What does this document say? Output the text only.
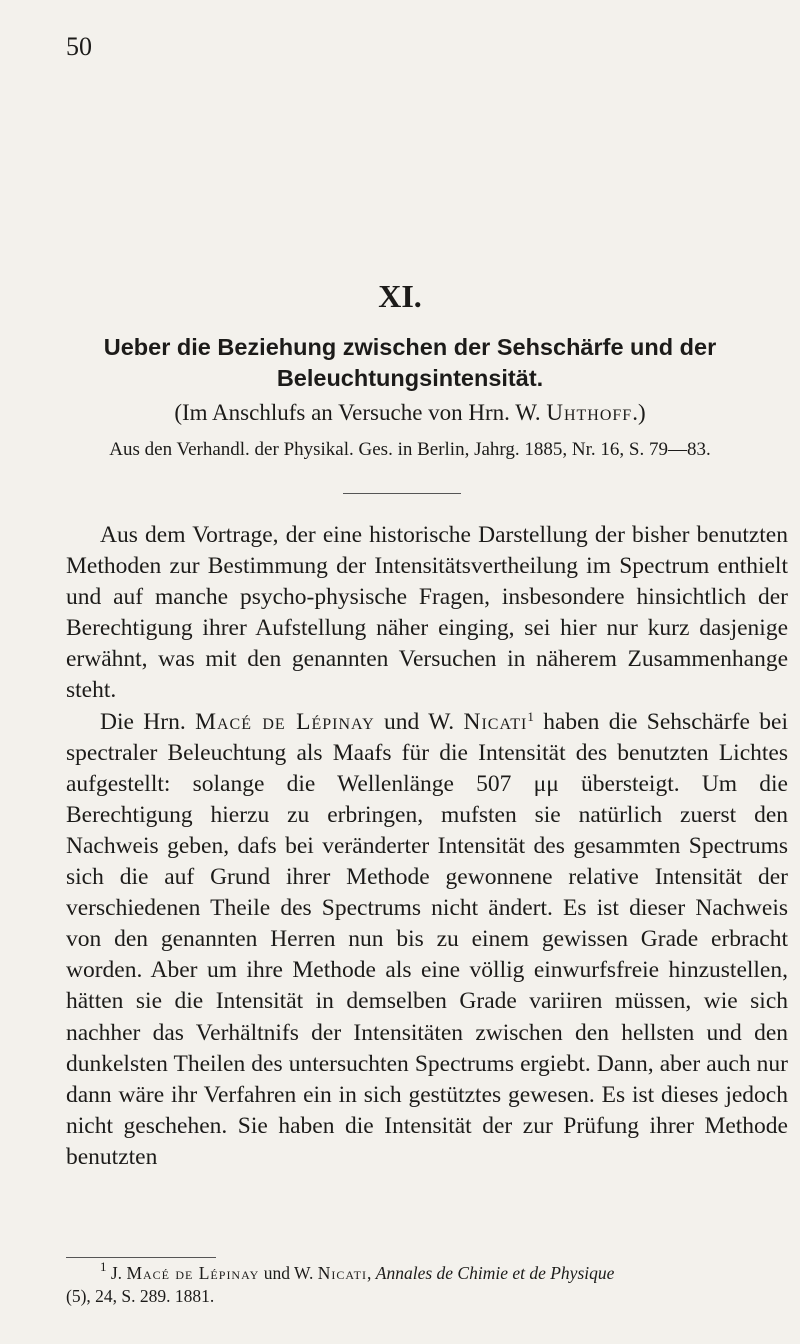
50
XI.
Ueber die Beziehung zwischen der Sehschärfe und der Beleuchtungsintensität.
(Im Anschlufs an Versuche von Hrn. W. Uhthoff.)
Aus den Verhandl. der Physikal. Ges. in Berlin, Jahrg. 1885, Nr. 16, S. 79—83.

Aus dem Vortrage, der eine historische Darstellung der bisher benutzten Methoden zur Bestimmung der Intensitätsvertheilung im Spectrum enthielt und auf manche psycho-physische Fragen, insbesondere hinsichtlich der Berechtigung ihrer Aufstellung näher einging, sei hier nur kurz dasjenige erwähnt, was mit den genannten Versuchen in näherem Zusammenhange steht.

Die Hrn. Macé de Lépinay und W. Nicati$^1$ haben die Sehschärfe bei spectraler Beleuchtung als Maafs für die Intensität des benutzten Lichtes aufgestellt: solange die Wellenlänge 507 μμ übersteigt. Um die Berechtigung hierzu zu erbringen, mufsten sie natürlich zuerst den Nachweis geben, dafs bei veränderter Intensität des gesammten Spectrums sich die auf Grund ihrer Methode gewonnene relative Intensität der verschiedenen Theile des Spectrums nicht ändert. Es ist dieser Nachweis von den genannten Herren nun bis zu einem gewissen Grade erbracht worden. Aber um ihre Methode als eine völlig einwurfsfreie hinzustellen, hätten sie die Intensität in demselben Grade variiren müssen, wie sich nachher das Verhältnifs der Intensitäten zwischen den hellsten und den dunkelsten Theilen des untersuchten Spectrums ergiebt. Dann, aber auch nur dann wäre ihr Verfahren ein in sich gestütztes gewesen. Es ist dieses jedoch nicht geschehen. Sie haben die Intensität der zur Prüfung ihrer Methode benutzten

$^1$ J. Macé de Lépinay und W. Nicati, Annales de Chimie et de Physique
(5), 24, S. 289. 1881.
